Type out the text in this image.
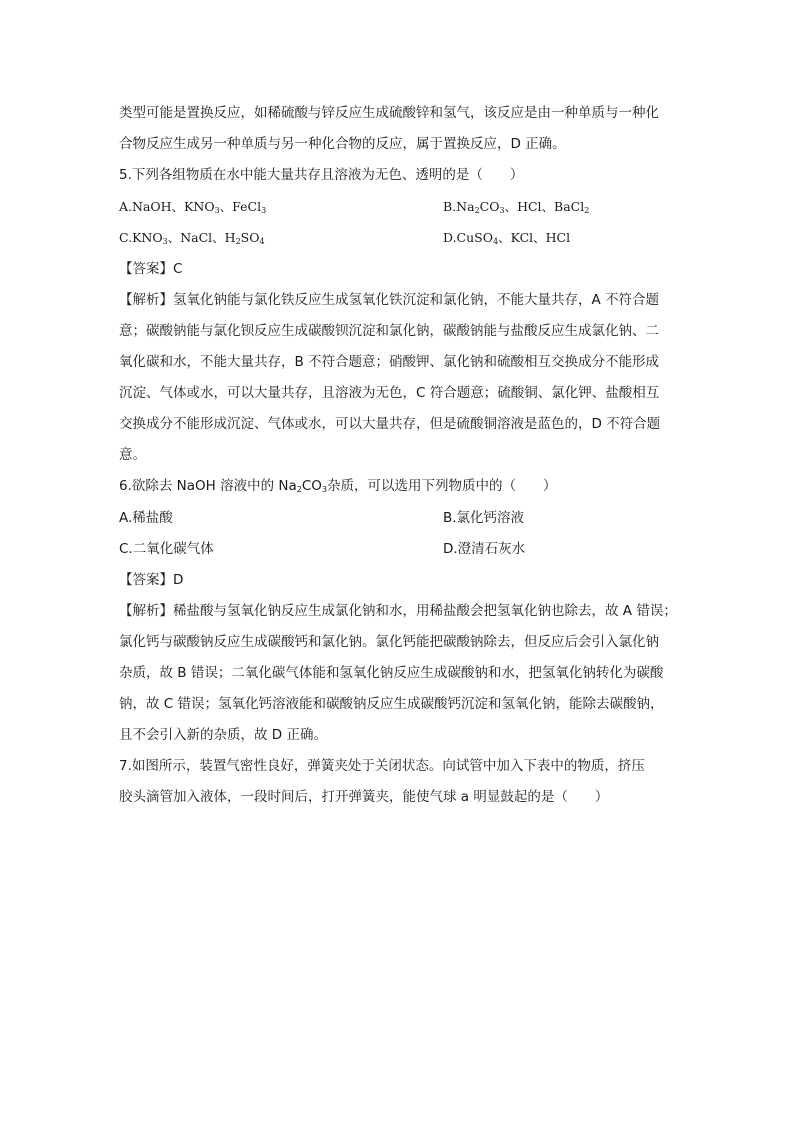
类型可能是置换反应，如稀硫酸与锌反应生成硫酸锌和氢气，该反应是由一种单质与一种化
合物反应生成另一种单质与另一种化合物的反应，属于置换反应，D 正确。
5.下列各组物质在水中能大量共存且溶液为无色、透明的是（　　）
A.NaOH、$KNO_3$、FeCl$_3$	$B.Na_2CO_3$、HCl、BaCl$_2$
$C.KNO_3$、NaCl、$H_2SO_4$	D.CuSO$_4$、KCl、HCl
【答案】C
【解析】氢氧化钠能与氯化铁反应生成氢氧化铁沉淀和氯化钠，不能大量共存，A 不符合题
意；碳酸钠能与氯化钡反应生成碳酸钡沉淀和氯化钠，碳酸钠能与盐酸反应生成氯化钠、二
氧化碳和水，不能大量共存，B 不符合题意；硝酸钾、氯化钠和硫酸相互交换成分不能形成
沉淀、气体或水，可以大量共存，且溶液为无色，C 符合题意；硫酸铜、氯化钾、盐酸相互
交换成分不能形成沉淀、气体或水，可以大量共存，但是硫酸铜溶液是蓝色的，D 不符合题
意。
6.欲除去 NaOH 溶液中的 $Na_2CO_3$杂质，可以选用下列物质中的（　　）
A.稀盐酸	B.氯化钙溶液
C.二氧化碳气体	D.澄清石灰水
【答案】D
【解析】稀盐酸与氢氧化钠反应生成氯化钠和水，用稀盐酸会把氢氧化钠也除去，故 A 错误；
氯化钙与碳酸钠反应生成碳酸钙和氯化钠。氯化钙能把碳酸钠除去，但反应后会引入氯化钠
杂质，故 B 错误；二氧化碳气体能和氢氧化钠反应生成碳酸钠和水，把氢氧化钠转化为碳酸
钠，故 C 错误；氢氧化钙溶液能和碳酸钠反应生成碳酸钙沉淀和氢氧化钠，能除去碳酸钠，
且不会引入新的杂质，故 D 正确。
7.如图所示，装置气密性良好，弹簧夹处于关闭状态。向试管中加入下表中的物质，挤压
胶头滴管加入液体，一段时间后，打开弹簧夹，能使气球 a 明显鼓起的是（　　）
